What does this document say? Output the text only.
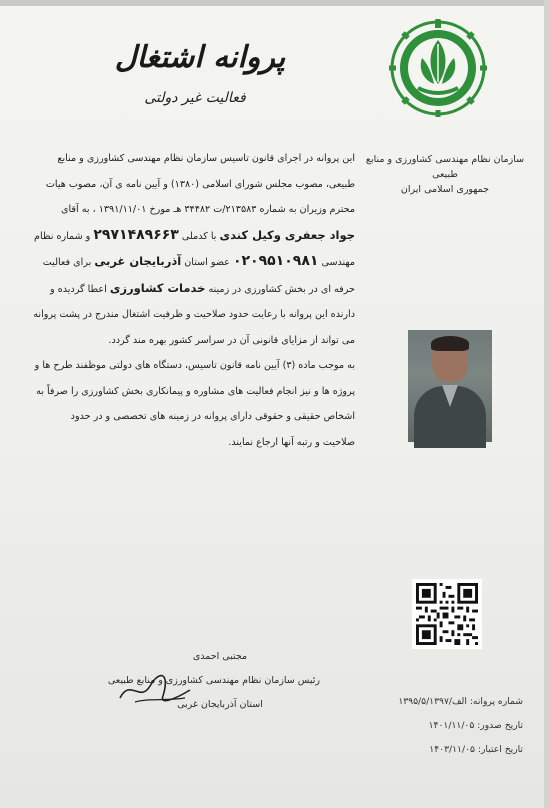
پروانه اشتغال
فعالیت غیر دولتی
سازمان نظام مهندسی کشاورزی و منابع طبیعی
جمهوری اسلامی ایران
این پروانه در اجرای قانون تاسیس سازمان نظام مهندسی کشاورزی و منابع
طبیعی، مصوب مجلس شورای اسلامی (۱۳۸۰) و آیین نامه ی آن، مصوب هیات
محترم وزیران به شماره ۲۱۳۵۸۳/ت ۳۴۴۸۲ هـ مورخ ۱۳۹۱/۱۱/۰۱ ، به آقای
جواد جعفری وکیل کندی با کدملی ۲۹۷۱۴۸۹۶۶۳ و شماره نظام
مهندسی ۰۲۰۹۵۱۰۹۸۱ عضو استان آذربایجان غربی برای فعالیت
حرفه ای در بخش کشاورزی در زمینه خدمات کشاورزی اعطا گردیده و
دارنده این پروانه با رعایت حدود صلاحیت و ظرفیت اشتغال مندرج در پشت پروانه
می تواند از مزایای قانونی آن در سراسر کشور بهره مند گردد.
به موجب ماده (۳) آیین نامه قانون تاسیس، دستگاه های دولتی موظفند طرح ها و
پروژه ها و نیز انجام فعالیت های مشاوره و پیمانکاری بخش کشاورزی را صرفاً به
اشخاص حقیقی و حقوقی دارای پروانه در زمینه های تخصصی و در حدود
صلاحیت و رتبه آنها ارجاع نمایند.
مجتبی احمدی
رئیس سازمان نظام مهندسی کشاورزی و منابع طبیعی
استان آذربایجان غربی	شماره پروانه: الف/۱۳۹۵/۵/۱۳۹۷
تاریخ صدور: ۱۴۰۱/۱۱/۰۵
تاریخ اعتبار: ۱۴۰۳/۱۱/۰۵
